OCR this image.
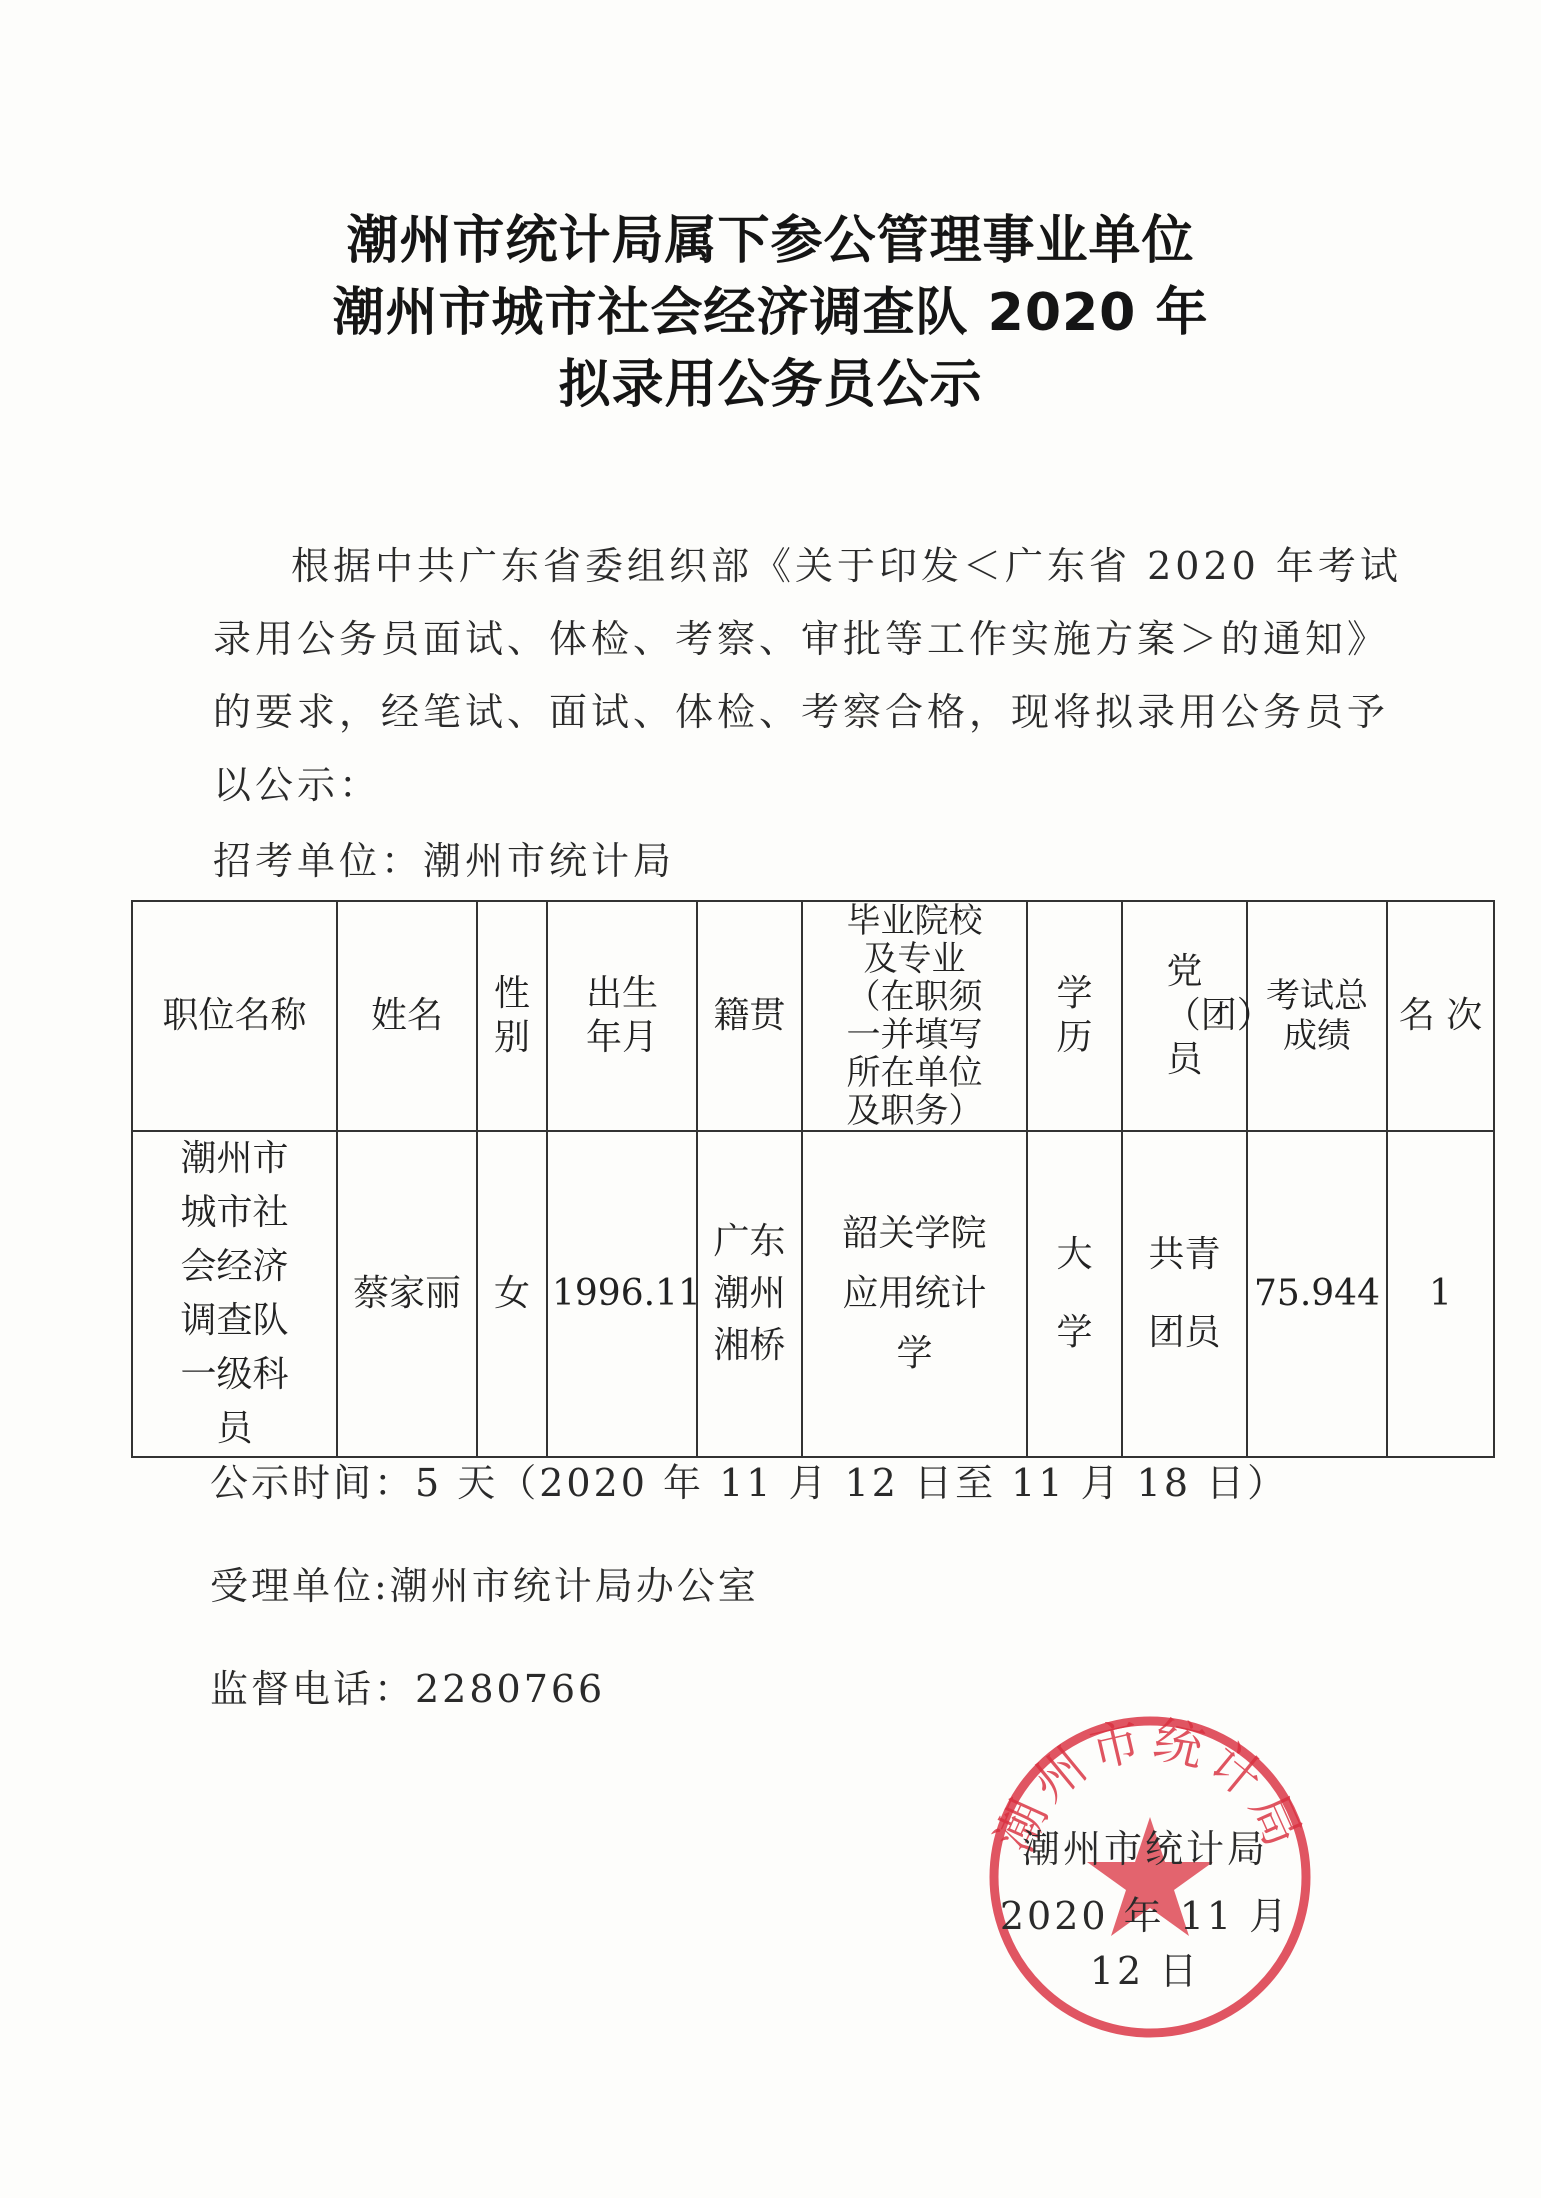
潮州市统计局属下参公管理事业单位
潮州市城市社会经济调查队 2020 年
拟录用公务员公示
根据中共广东省委组织部《关于印发＜广东省 2020 年考试录用公务员面试、体检、考察、审批等工作实施方案＞的通知》的要求，经笔试、面试、体检、考察合格，现将拟录用公务员予以公示：
招考单位：潮州市统计局
职位名称	姓名	性别	出生年月	籍贯	毕业院校及专业（在职须一并填写所在单位及职务）	学历	党（团）员	考试总成绩	名 次
潮州市城市社会经济调查队一级科员	蔡家丽	女	1996.11	广东潮州湘桥	韶关学院应用统计学	大学	共青团员	75.944	1
公示时间：5 天（2020 年 11 月 12 日至 11 月 18 日）
受理单位:潮州市统计局办公室
监督电话：2280766
潮州市统计局
潮州市统计局
2020 年 11 月 12 日
